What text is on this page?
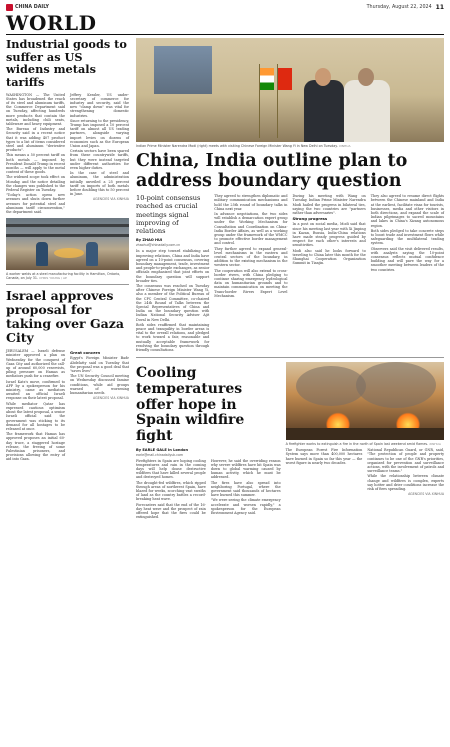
CHINA DAILY	Thursday, August 22, 2024 11
WORLD
Industrial goods to suffer as US widens metals tariffs

WASHINGTON — The United States has broadened the reach of its steel and aluminum tariffs, the Commerce Department said on Tuesday, affecting hundreds more products that contain the metals, including chili seats, tableware and heavy equipment.

The Bureau of Industry and Security said in a recent notice that it was adding 407 product types to a list of items considered steel and aluminum "derivative products".

This means a 50 percent tariff on both metals — imposed by President Donald Trump in recent months — will apply to the metal content of these goods.

The widened scope took effect on Monday, and the notice detailing the changes was published to the Federal Register on Tuesday.

"Today's action opens new avenues and shuts down further avenues for potential steel and aluminum tariff circumvention," the department said.

Jeffrey Kessler, US under-secretary of commerce for industry and security, said the new "clamp down" was vital for strengthening domestic industries.

Since returning to the presidency, Trump has imposed a 10 percent tariff on almost all US trading partners, alongside varying import levies on dozens of economies such as the European Union and Japan.

Certain sectors have been spared from these countrywide tariffs, but they were instead targeted under different authorities for even higher duties.

In the case of steel and aluminum, the administration initially unveiled a 25 percent tariff on imports of both metals before doubling this to 50 percent in June.

AGENCIES VIA XINHUA
A worker welds at a steel manufacturing facility in Hamilton, Ontario, Canada, on July 31. CHRIS YOUNG / AP
Israel approves proposal for taking over Gaza City

JERUSALEM — Israeli defense minister approved a plan on Wednesday for the conquest of Gaza City and authorized the call-up of around 60,000 reservists, piling pressure on Hamas as mediators push for a ceasefire.

Israel Katz's move, confirmed to AFP by a spokesperson for his ministry, came as mediators awaited an official Israeli response on their latest proposal.

While mediator Qatar has expressed cautious optimism about the latest proposal, a senior Israeli official said the government was sticking to its demand for all hostages to be released at once.

The framework that Hamas has approved proposes an initial 60-day truce, a staggered hostage release, the freeing of some Palestinian prisoners, and provisions allowing the entry of aid into Gaza.

Great concern

Egypt's Foreign Minister Badr Abdelatty said on Tuesday that the proposal was a good deal that "saves lives".

The UN Security Council meeting on Wednesday discussed famine conditions, while aid groups warned of worsening humanitarian needs.

AGENCIES VIA XINHUA
Indian Prime Minister Narendra Modi (right) meets with visiting Chinese Foreign Minister Wang Yi in New Delhi on Tuesday. XINHUA
China, India outline plan to address boundary question
10-point consensus reached as crucial meetings signal improving of relations
By ZHAO HUI
zhaohui@chinadaily.com.cn

In a major step toward stabilizing and improving relations, China and India have agreed on a 10-point consensus, covering boundary management, trade, investment and people-to-people exchanges, as senior officials emphasized that joint efforts on the boundary question will support broader ties.

The consensus was reached on Tuesday after Chinese Foreign Minister Wang Yi, also a member of the Political Bureau of the CPC Central Committee, co-chaired the 24th Round of Talks between the Special Representatives of China and India on the boundary question with Indian National Security Adviser Ajit Doval in New Delhi.

Both sides reaffirmed that maintaining peace and tranquility in border areas is vital to the overall relations, and pledged to work toward a fair, reasonable and mutually acceptable framework for resolving the boundary question through friendly consultations.

They agreed to strengthen diplomatic and military communication mechanisms and hold the 25th round of boundary talks in China next year.

In advance negotiations, the two sides will establish a demarcation expert group under the Working Mechanism for Consultation and Coordination on China-India Border Affairs, as well as a working group under the framework of the WMCC to promote effective border management and control.

They further agreed to expand general-level mechanisms in the eastern and central sectors of the boundary, in addition to the existing mechanism in the western sector.

The cooperation will also extend to cross-border rivers, with China pledging to continue sharing emergency hydrological data on humanitarian grounds and to maintain communication on meeting the Trans-border Rivers Expert Level Mechanism.

During his meeting with Wang on Tuesday, Indian Prime Minister Narendra Modi hailed the progress in bilateral ties, saying the two countries are "partners rather than adversaries".

Strong progress

In a post on social media, Modi said that since his meeting last year with Xi Jinping in Kazan, Russia, India-China relations have made steady progress guided by respect for each other's interests and sensitivities.

Modi also said he looks forward to traveling to China later this month for the Shanghai Cooperation Organization Summit in Tianjin.

They also agreed to resume direct flights between the Chinese mainland and India at the earliest, facilitate visas for tourists, businesses, media and other visitors in both directions, and expand the scale of Indian pilgrimages to sacred mountains and lakes in China's Xizang autonomous region.

Both sides pledged to take concrete steps to boost trade and investment flows while safeguarding the multilateral trading system.

Observers said the visit delivered results, with analysts saying the 10-point consensus reflects mutual confidence building and will pave the way for a smoother meeting between leaders of the two countries.

Cooling temperatures offer hope in Spain wildfire fight
By EARLE GALE in London
earle@mail.chinadailyuk.com

Firefighters in Spain are hoping cooling temperatures and rain in the coming days will help douse destructive wildfires that have killed several people and destroyed homes.

The drought-fed wildfires, which ripped through areas of northwest Spain, have blazed for weeks, scorching vast swaths of land as the country battles a record-breaking heat wave.

Forecasters said that the end of the 16-day heat wave and the prospect of rain offered hope that the fires could be extinguished.

However, he said the overriding reason why severe wildfires have hit Spain was down to global warming caused by human activity, which he must be addressed.

The fires have also spread into neighboring Portugal, where the government said thousands of hectares have burned this summer.

"We were seeing the climate emergency accelerate and worsen rapidly," a spokesperson for the European Environment Agency said.

A firefighter works to extinguish a fire in the north of Spain last weekend amid flames. XINHUA

The European Forest Fire Information System says more than 400,000 hectares have burned in Spain so far this year — the worst figure in nearly two decades.

National Republican Guard, or GNR, said, "The protection of people and property continues to be one of the GNR's priorities, organized for prevention and surveillance actions, with the involvement of patrols and surveillance teams."

While the relationship between climate change and wildfires is complex, experts say hotter and drier conditions increase the risk of fires spreading.

AGENCIES VIA XINHUA
